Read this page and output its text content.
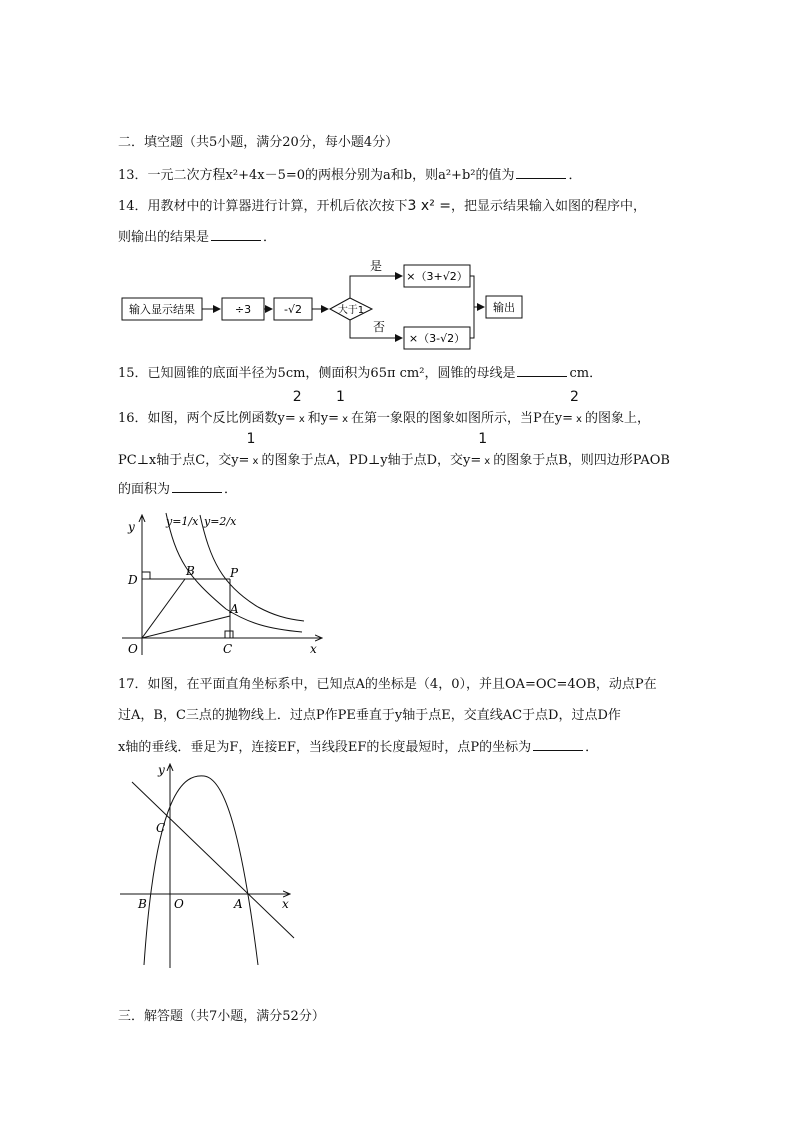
二．填空题（共5小题，满分20分，每小题4分）
13．一元二次方程x²+4x－5=0的两根分别为a和b，则a²+b²的值为	．
14．用教材中的计算器进行计算，开机后依次按下3 x² =，把显示结果输入如图的程序中，
则输出的结果是	．
输入显示结果	÷3	-√2	大于1
是
×（3+√2）
否
×（3-√2）
输出
15．已知圆锥的底面半径为5cm，侧面积为65π cm²，圆锥的母线是	cm．
16．如图，两个反比例函数y=
2
x 和y=
1
x 在第一象限的图象如图所示，当P在y=
2
x 的图象上，
PC⊥x轴于点C，交y=
1
x 的图象于点A，PD⊥y轴于点D，交y=
1
x 的图象于点B，则四边形PAOB
的面积为	．
y
x
O
D
B	P
A
C
y=1/x y=2/x
17．如图，在平面直角坐标系中，已知点A的坐标是（4，0），并且OA=OC=4OB，动点P在
过A，B，C三点的抛物线上．过点P作PE垂直于y轴于点E，交直线AC于点D，过点D作
x轴的垂线．垂足为F，连接EF，当线段EF的长度最短时，点P的坐标为	．
y
x
C
B O	A
三．解答题（共7小题，满分52分）
